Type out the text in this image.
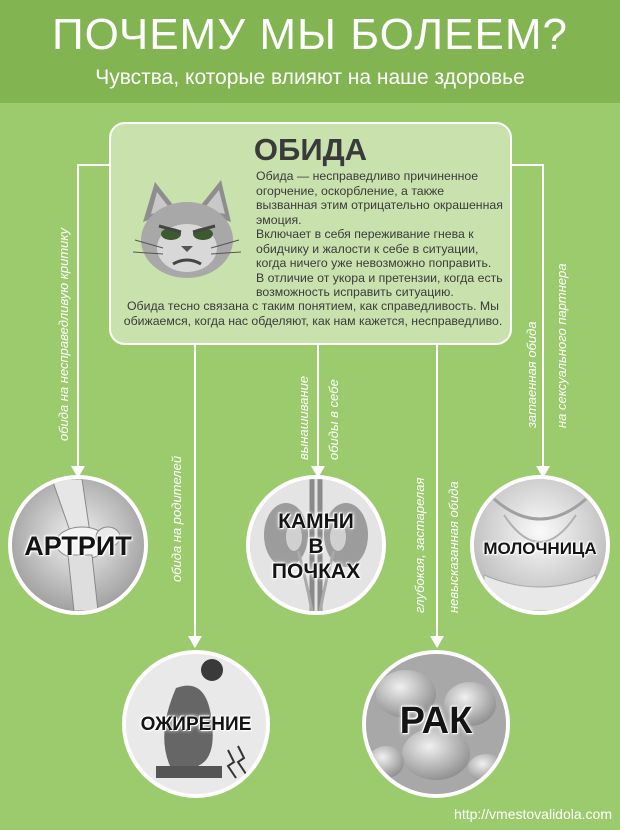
ПОЧЕМУ МЫ БОЛЕЕМ?
Чувства, которые влияют на наше здоровье
ОБИДА

Обида — несправедливо причиненное огорчение, оскорбление, а также вызванная этим отрицательно окрашенная эмоция.

Включает в себя переживание гнева к обидчику и жалости к себе в ситуации, когда ничего уже невозможно поправить.

В отличие от укора и претензии, когда есть возможность исправить ситуацию.

Обида тесно связана с таким понятием, как справедливость. Мы обижаемся, когда нас обделяют, как нам кажется, несправедливо.
обида на несправедливую критику
обида на родителей
вынашивание обиды в себе
глубокая, застарелая невысказанная обида
затаенная обида на сексуального партнера
АРТРИТ
КАМНИ
В
ПОЧКАХ
МОЛОЧНИЦА
ОЖИРЕНИЕ	РАК
http://vmestovalidola.com
